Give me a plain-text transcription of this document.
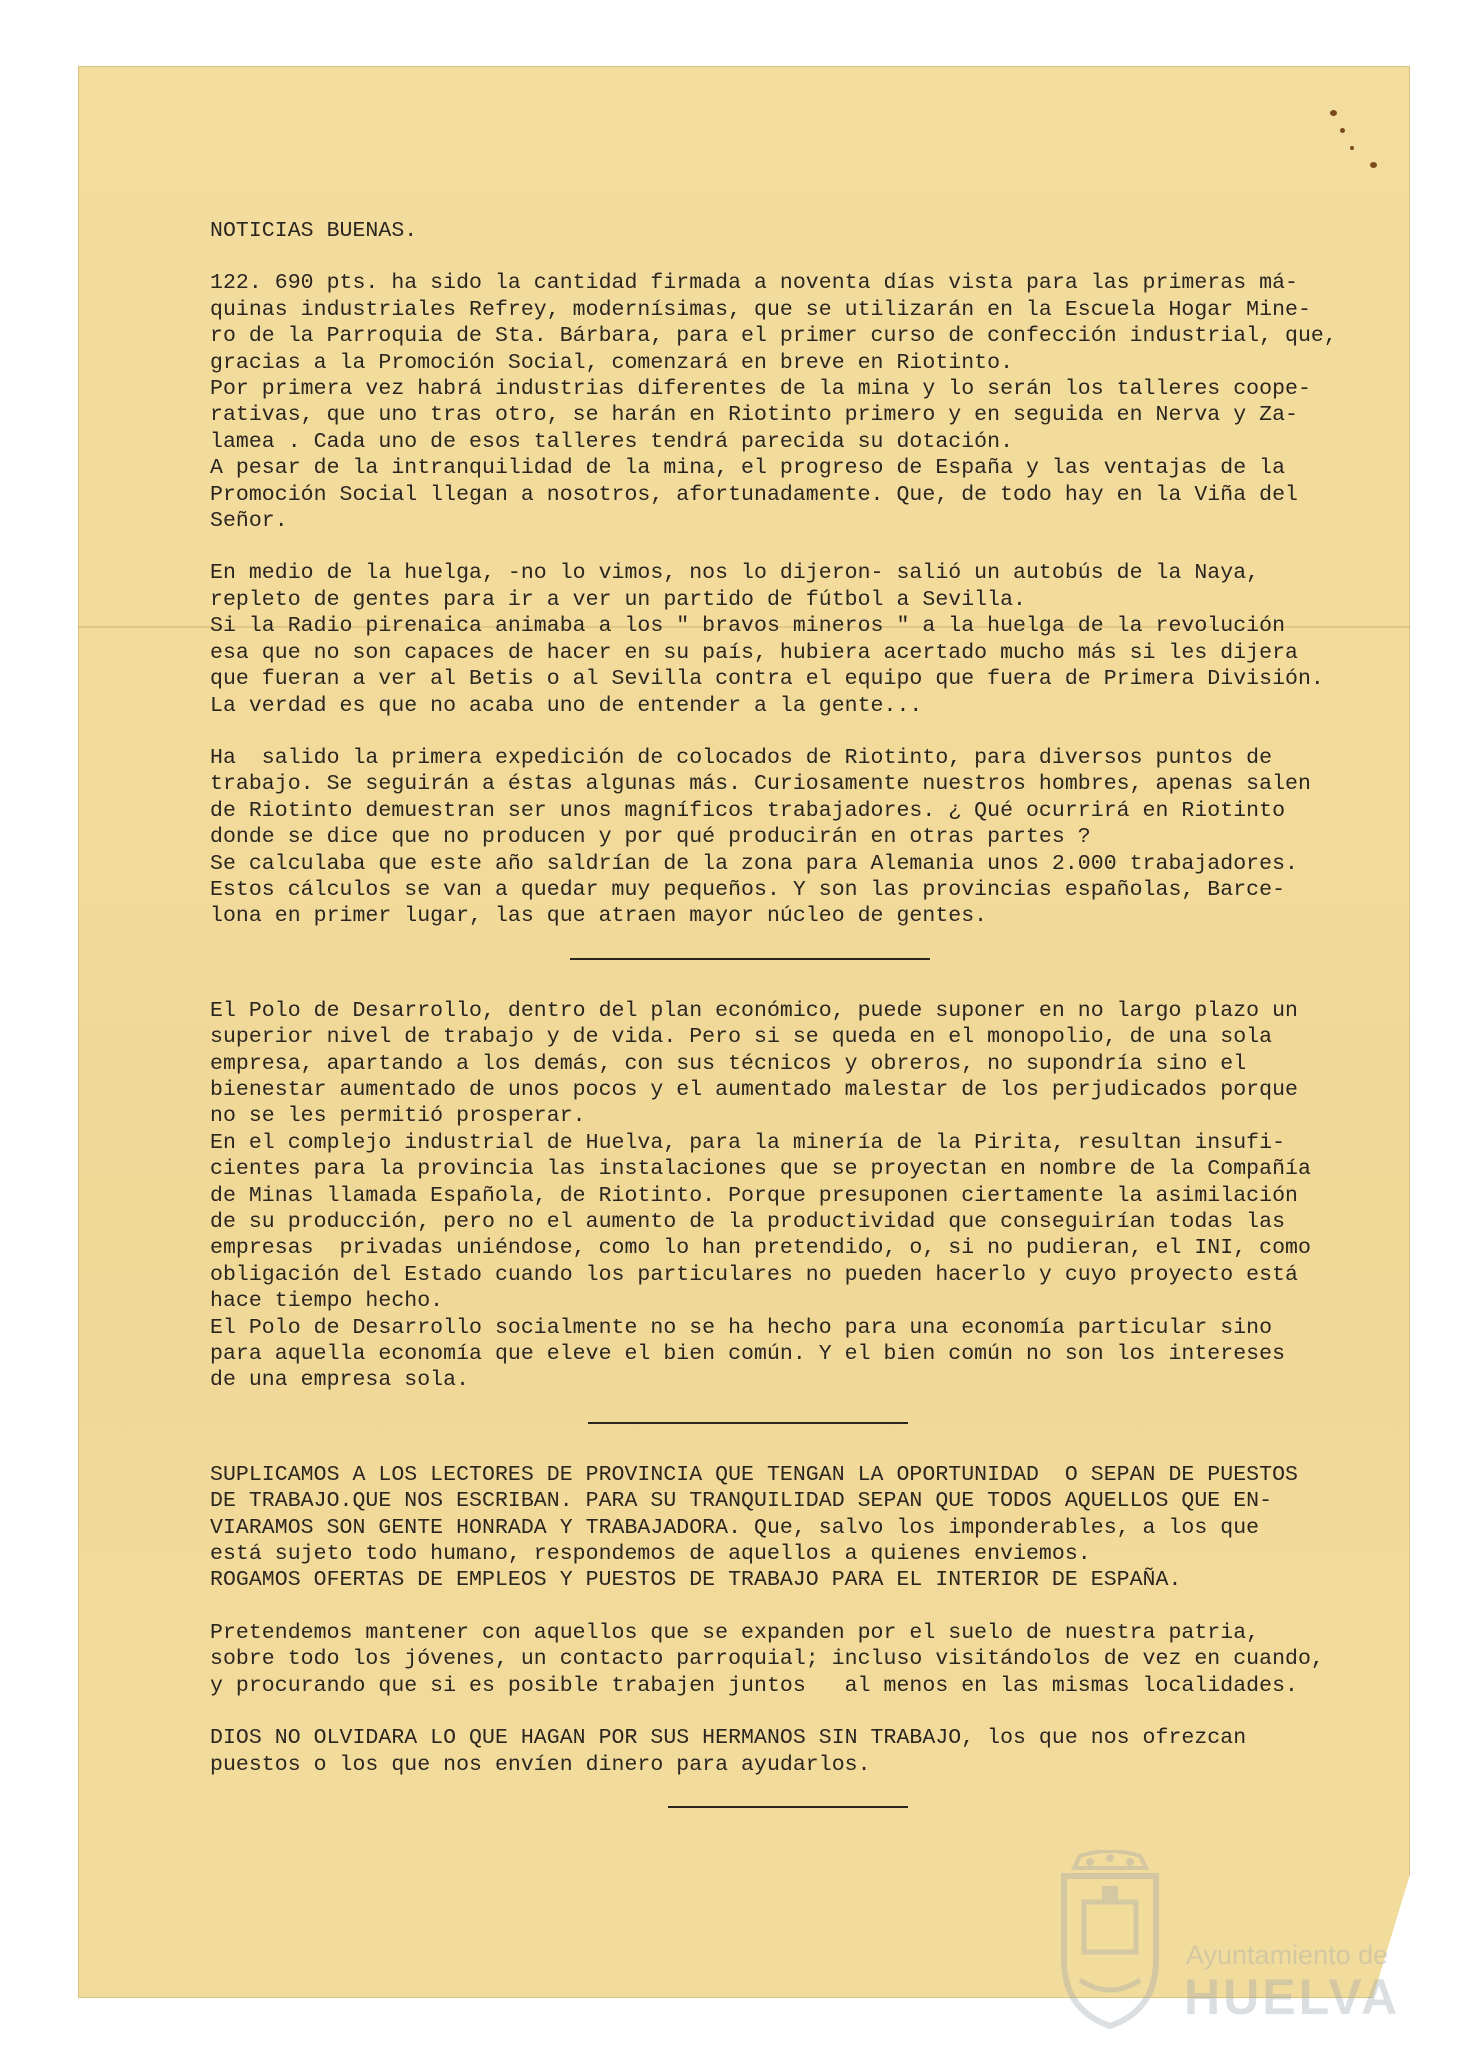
NOTICIAS BUENAS.

122. 690 pts. ha sido la cantidad firmada a noventa días vista para las primeras má-

quinas industriales Refrey, modernísimas, que se utilizarán en la Escuela Hogar Mine-

ro de la Parroquia de Sta. Bárbara, para el primer curso de confección industrial, que,

gracias a la Promoción Social, comenzará en breve en Riotinto.

Por primera vez habrá industrias diferentes de la mina y lo serán los talleres coope-

rativas, que uno tras otro, se harán en Riotinto primero y en seguida en Nerva y Za-

lamea . Cada uno de esos talleres tendrá parecida su dotación.

A pesar de la intranquilidad de la mina, el progreso de España y las ventajas de la

Promoción Social llegan a nosotros, afortunadamente. Que, de todo hay en la Viña del

Señor.

En medio de la huelga, -no lo vimos, nos lo dijeron- salió un autobús de la Naya,

repleto de gentes para ir a ver un partido de fútbol a Sevilla.

Si la Radio pirenaica animaba a los " bravos mineros " a la huelga de la revolución

esa que no son capaces de hacer en su país, hubiera acertado mucho más si les dijera

que fueran a ver al Betis o al Sevilla contra el equipo que fuera de Primera División.

La verdad es que no acaba uno de entender a la gente...

Ha  salido la primera expedición de colocados de Riotinto, para diversos puntos de

trabajo. Se seguirán a éstas algunas más. Curiosamente nuestros hombres, apenas salen

de Riotinto demuestran ser unos magníficos trabajadores. ¿ Qué ocurrirá en Riotinto

donde se dice que no producen y por qué producirán en otras partes ?

Se calculaba que este año saldrían de la zona para Alemania unos 2.000 trabajadores.

Estos cálculos se van a quedar muy pequeños. Y son las provincias españolas, Barce-

lona en primer lugar, las que atraen mayor núcleo de gentes.

El Polo de Desarrollo, dentro del plan económico, puede suponer en no largo plazo un

superior nivel de trabajo y de vida. Pero si se queda en el monopolio, de una sola

empresa, apartando a los demás, con sus técnicos y obreros, no supondría sino el

bienestar aumentado de unos pocos y el aumentado malestar de los perjudicados porque

no se les permitió prosperar.

En el complejo industrial de Huelva, para la minería de la Pirita, resultan insufi-

cientes para la provincia las instalaciones que se proyectan en nombre de la Compañía

de Minas llamada Española, de Riotinto. Porque presuponen ciertamente la asimilación

de su producción, pero no el aumento de la productividad que conseguirían todas las

empresas  privadas uniéndose, como lo han pretendido, o, si no pudieran, el INI, como

obligación del Estado cuando los particulares no pueden hacerlo y cuyo proyecto está

hace tiempo hecho.

El Polo de Desarrollo socialmente no se ha hecho para una economía particular sino

para aquella economía que eleve el bien común. Y el bien común no son los intereses

de una empresa sola.

SUPLICAMOS A LOS LECTORES DE PROVINCIA QUE TENGAN LA OPORTUNIDAD  O SEPAN DE PUESTOS

DE TRABAJO.QUE NOS ESCRIBAN. PARA SU TRANQUILIDAD SEPAN QUE TODOS AQUELLOS QUE EN-

VIARAMOS SON GENTE HONRADA Y TRABAJADORA. Que, salvo los imponderables, a los que

está sujeto todo humano, respondemos de aquellos a quienes enviemos.

ROGAMOS OFERTAS DE EMPLEOS Y PUESTOS DE TRABAJO PARA EL INTERIOR DE ESPAÑA.

Pretendemos mantener con aquellos que se expanden por el suelo de nuestra patria,

sobre todo los jóvenes, un contacto parroquial; incluso visitándolos de vez en cuando,

y procurando que si es posible trabajen juntos   al menos en las mismas localidades.

DIOS NO OLVIDARA LO QUE HAGAN POR SUS HERMANOS SIN TRABAJO, los que nos ofrezcan

puestos o los que nos envíen dinero para ayudarlos.

Ayuntamiento de
HUELVA
